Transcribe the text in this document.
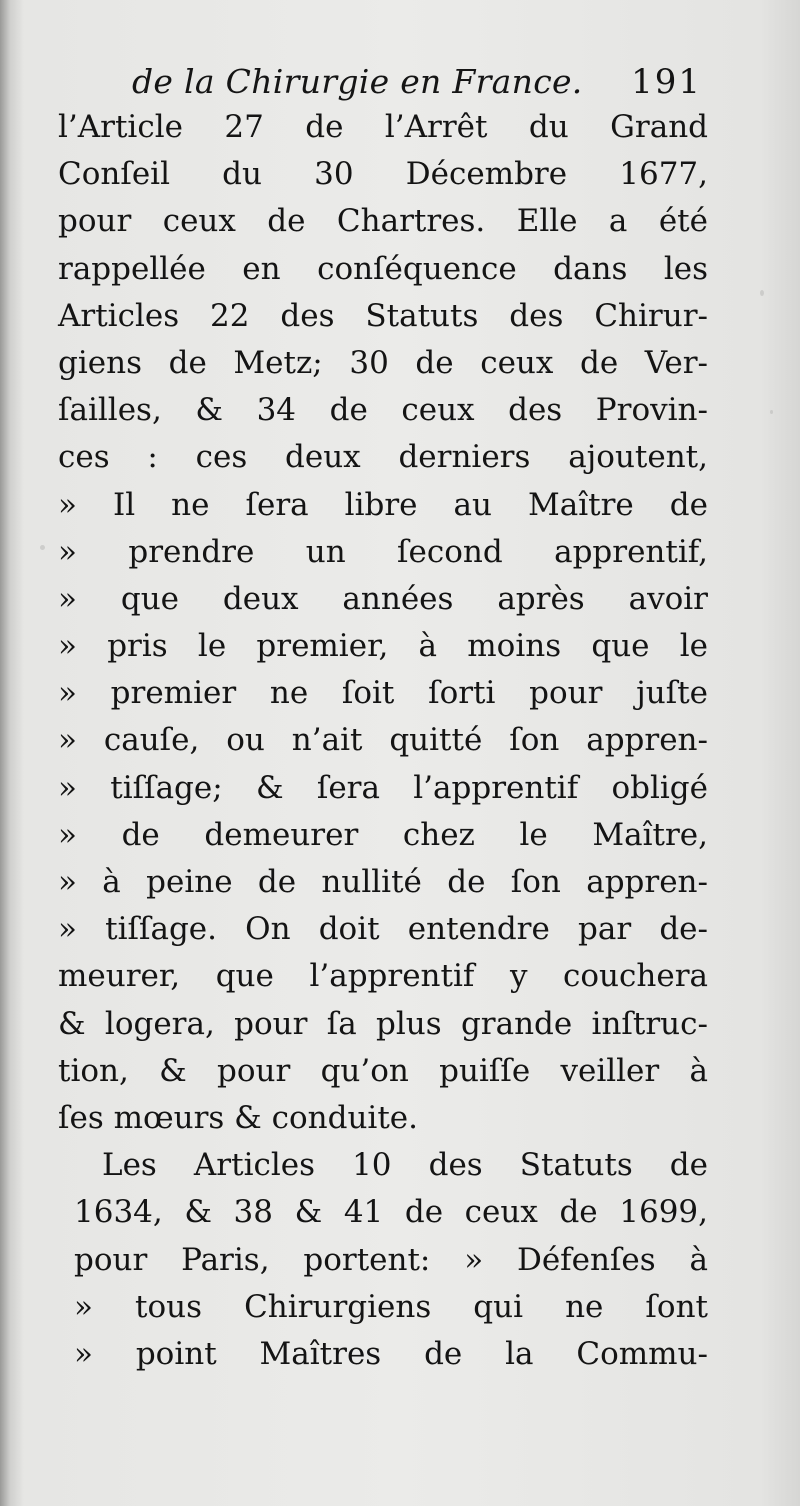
de la Chirurgie en France. 191
l’Article 27 de l’Arrêt du Grand
Conſeil du 30 Décembre 1677,
pour ceux de Chartres. Elle a été
rappellée en conſéquence dans les
Articles 22 des Statuts des Chirur-
giens de Metz; 30 de ceux de Ver-
ſailles, & 34 de ceux des Provin-
ces : ces deux derniers ajoutent,
» Il ne ſera libre au Maître de
» prendre un ſecond apprentif,
» que deux années après avoir
» pris le premier, à moins que le
» premier ne ſoit ſorti pour juſte
» cauſe, ou n’ait quitté ſon appren-
» tiſſage; & ſera l’apprentif obligé
» de demeurer chez le Maître,
» à peine de nullité de ſon appren-
» tiſſage. On doit entendre par de-
meurer, que l’apprentif y couchera
& logera, pour ſa plus grande inſtruc-
tion, & pour qu’on puiſſe veiller à
ſes mœurs & conduite.
Les Articles 10 des Statuts de
1634, & 38 & 41 de ceux de 1699,
pour Paris, portent: » Défenſes à
» tous Chirurgiens qui ne ſont
» point Maîtres de la Commu-
